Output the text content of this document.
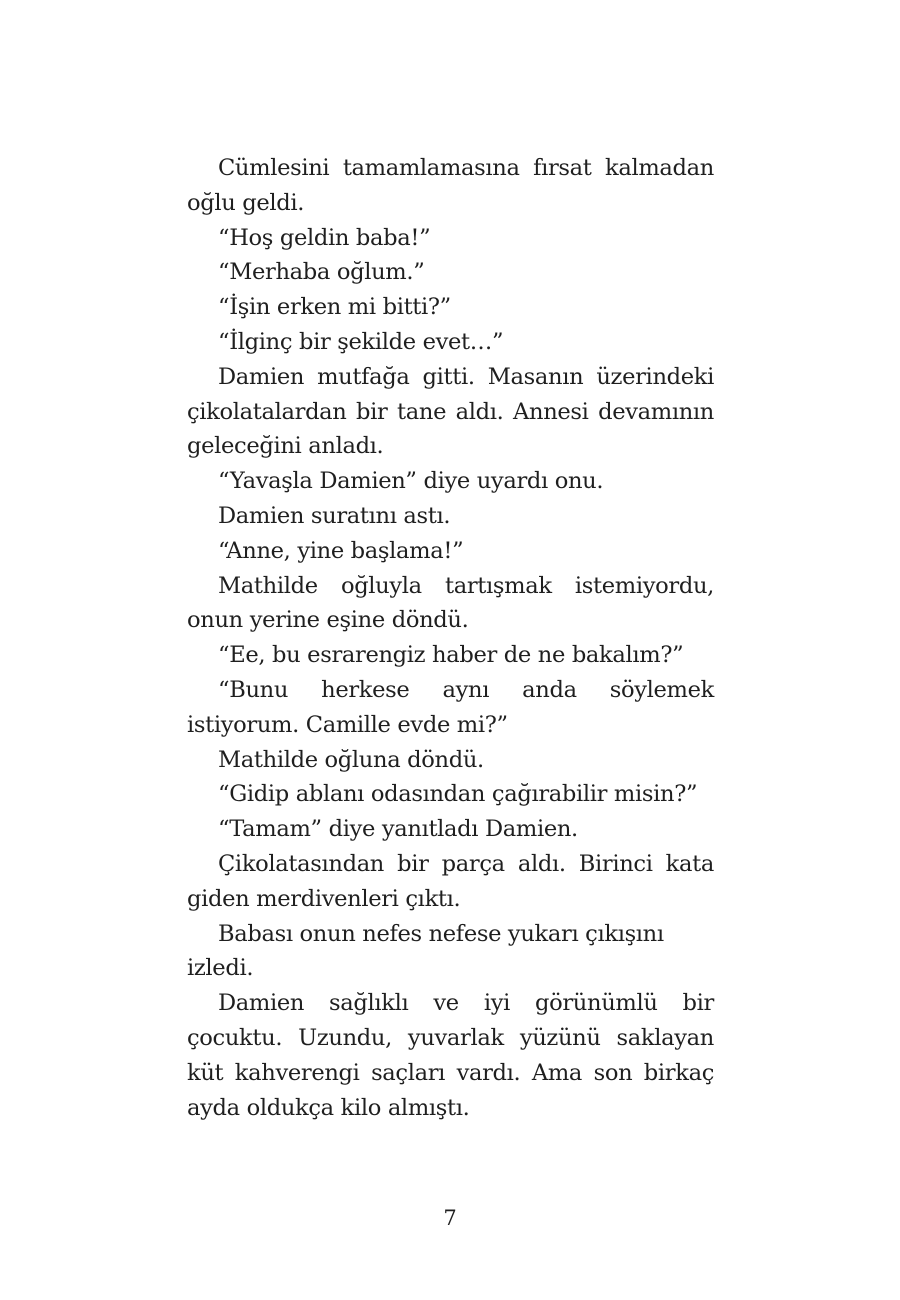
Cümlesini tamamlamasına fırsat kalmadan oğlu geldi.

“Hoş geldin baba!”

“Merhaba oğlum.”

“İşin erken mi bitti?”

“İlginç bir şekilde evet…”

Damien mutfağa gitti. Masanın üzerindeki çikolatalardan bir tane aldı. Annesi devamının geleceğini anladı.

“Yavaşla Damien” diye uyardı onu.

Damien suratını astı.

“Anne, yine başlama!”

Mathilde oğluyla tartışmak istemiyordu, onun yerine eşine döndü.

“Ee, bu esrarengiz haber de ne bakalım?”

“Bunu herkese aynı anda söylemek istiyorum. Camille evde mi?”

Mathilde oğluna döndü.

“Gidip ablanı odasından çağırabilir misin?”

“Tamam” diye yanıtladı Damien.

Çikolatasından bir parça aldı. Birinci kata giden merdivenleri çıktı.

Babası onun nefes nefese yukarı çıkışını izledi.

Damien sağlıklı ve iyi görünümlü bir çocuktu. Uzundu, yuvarlak yüzünü saklayan küt kahverengi saçları vardı. Ama son birkaç ayda oldukça kilo almıştı.

7
